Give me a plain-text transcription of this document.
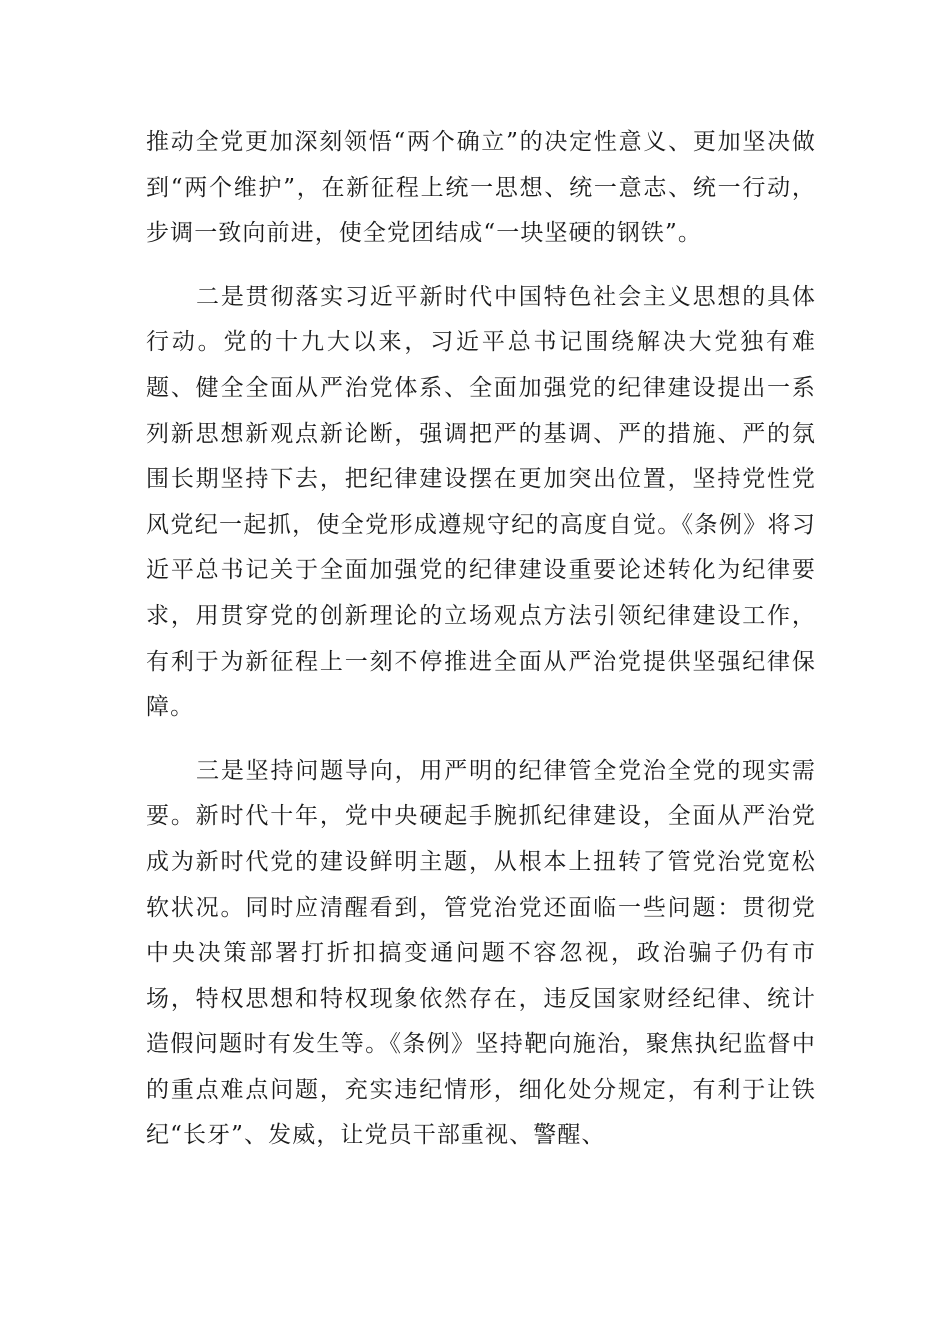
推动全党更加深刻领悟“两个确立”的决定性意义、更加坚决做到“两个维护”，在新征程上统一思想、统一意志、统一行动，步调一致向前进，使全党团结成“一块坚硬的钢铁”。

二是贯彻落实习近平新时代中国特色社会主义思想的具体行动。党的十九大以来，习近平总书记围绕解决大党独有难题、健全全面从严治党体系、全面加强党的纪律建设提出一系列新思想新观点新论断，强调把严的基调、严的措施、严的氛围长期坚持下去，把纪律建设摆在更加突出位置，坚持党性党风党纪一起抓，使全党形成遵规守纪的高度自觉。《条例》将习近平总书记关于全面加强党的纪律建设重要论述转化为纪律要求，用贯穿党的创新理论的立场观点方法引领纪律建设工作，有利于为新征程上一刻不停推进全面从严治党提供坚强纪律保障。

三是坚持问题导向，用严明的纪律管全党治全党的现实需要。新时代十年，党中央硬起手腕抓纪律建设，全面从严治党成为新时代党的建设鲜明主题，从根本上扭转了管党治党宽松软状况。同时应清醒看到，管党治党还面临一些问题：贯彻党中央决策部署打折扣搞变通问题不容忽视，政治骗子仍有市场，特权思想和特权现象依然存在，违反国家财经纪律、统计造假问题时有发生等。《条例》坚持靶向施治，聚焦执纪监督中的重点难点问题，充实违纪情形，细化处分规定，有利于让铁纪“长牙”、发威，让党员干部重视、警醒、
